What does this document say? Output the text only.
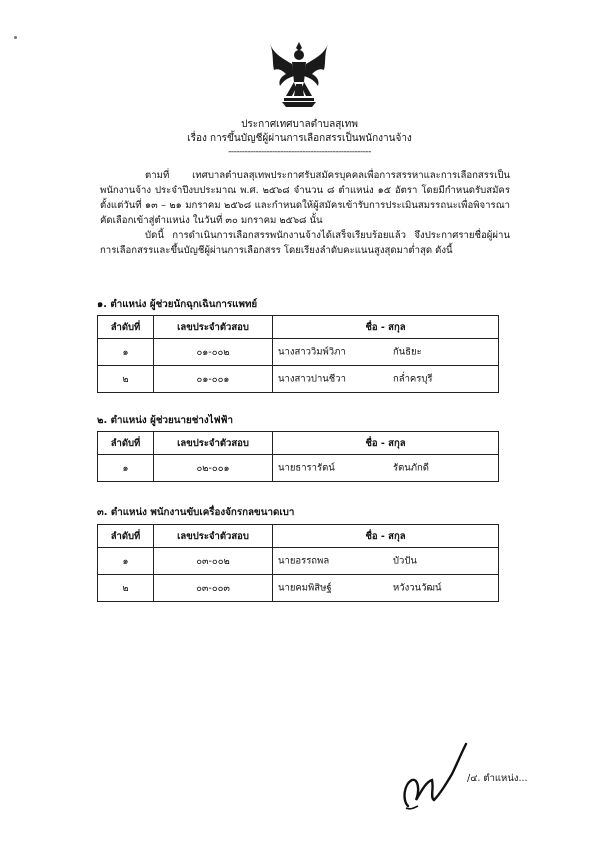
ประกาศเทศบาลตำบลสุเทพ
เรื่อง การขึ้นบัญชีผู้ผ่านการเลือกสรรเป็นพนักงานจ้าง
----------------------------------------------------
ตามที่ เทศบาลตำบลสุเทพประกาศรับสมัครบุคคลเพื่อการสรรหาและการเลือกสรรเป็นพนักงานจ้าง ประจำปีงบประมาณ พ.ศ. ๒๕๖๘ จำนวน ๘ ตำแหน่ง ๑๕ อัตรา โดยมีกำหนดรับสมัครตั้งแต่วันที่ ๑๓ – ๒๑ มกราคม ๒๕๖๘ และกำหนดให้ผู้สมัครเข้ารับการประเมินสมรรถนะเพื่อพิจารณาคัดเลือกเข้าสู่ตำแหน่ง ในวันที่ ๓๐ มกราคม ๒๕๖๘ นั้น
บัดนี้ การดำเนินการเลือกสรรพนักงานจ้างได้เสร็จเรียบร้อยแล้ว จึงประกาศรายชื่อผู้ผ่านการเลือกสรรและขึ้นบัญชีผู้ผ่านการเลือกสรร โดยเรียงลำดับคะแนนสูงสุดมาต่ำสุด ดังนี้
๑. ตำแหน่ง ผู้ช่วยนักฉุกเฉินการแพทย์
ลำดับที่	เลขประจำตัวสอบ	ชื่อ - สกุล
๑	๐๑-๐๐๒	นางสาววิมพ์วิภา กันธิยะ

๒	๐๑-๐๐๑	นางสาวปานชีวา กล่ำครบุรี
๒. ตำแหน่ง ผู้ช่วยนายช่างไฟฟ้า
ลำดับที่	เลขประจำตัวสอบ	ชื่อ - สกุล
๑	๐๒-๐๐๑	นายธารารัตน์ รัตนภักดี
๓. ตำแหน่ง พนักงานขับเครื่องจักรกลขนาดเบา
ลำดับที่	เลขประจำตัวสอบ	ชื่อ - สกุล
๑	๐๓-๐๐๒	นายอรรถพล บัวปัน

๒	๐๓-๐๐๓	นายคมพิสิษฐ์ หวังวนวัฒน์
/๔. ตำแหน่ง...
